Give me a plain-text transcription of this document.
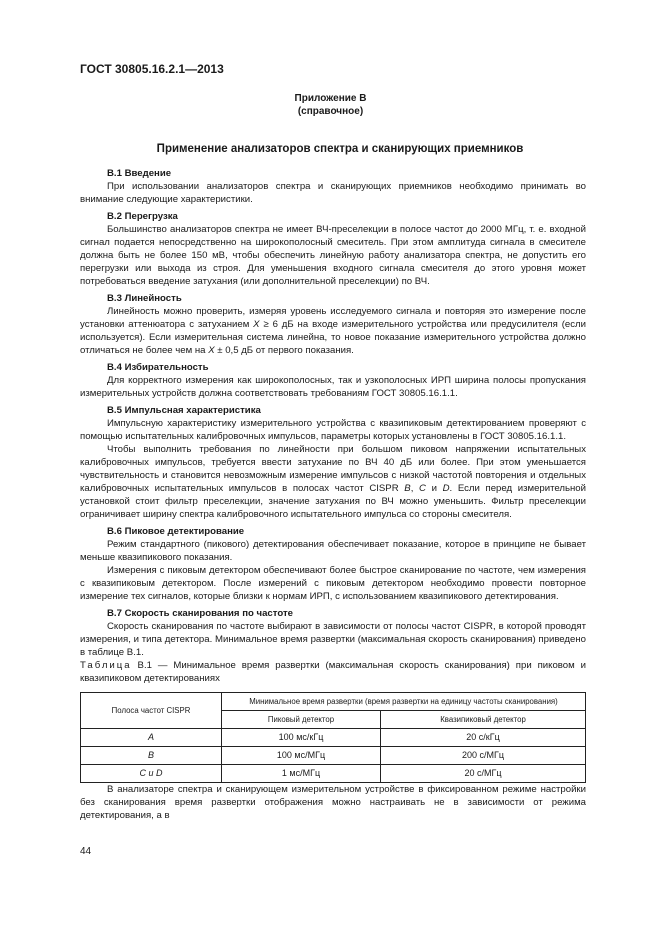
ГОСТ 30805.16.2.1—2013
Приложение В
(справочное)
Применение анализаторов спектра и сканирующих приемников
В.1 Введение

При использовании анализаторов спектра и сканирующих приемников необходимо принимать во внимание следующие характеристики.

В.2 Перегрузка

Большинство анализаторов спектра не имеет ВЧ-преселекции в полосе частот до 2000 МГц, т. е. входной сигнал подается непосредственно на широкополосный смеситель. При этом амплитуда сигнала в смесителе должна быть не более 150 мВ, чтобы обеспечить линейную работу анализатора спектра, не допустить его перегрузки или выхода из строя. Для уменьшения входного сигнала смесителя до этого уровня может потребоваться введение затухания (или дополнительной преселекции) по ВЧ.

В.3 Линейность

Линейность можно проверить, измеряя уровень исследуемого сигнала и повторяя это измерение после установки аттенюатора с затуханием X ≥ 6 дБ на входе измерительного устройства или предусилителя (если используется). Если измерительная система линейна, то новое показание измерительного устройства должно отличаться не более чем на X ± 0,5 дБ от первого показания.

В.4 Избирательность

Для корректного измерения как широкополосных, так и узкополосных ИРП ширина полосы пропускания измерительных устройств должна соответствовать требованиям ГОСТ 30805.16.1.1.

В.5 Импульсная характеристика

Импульсную характеристику измерительного устройства с квазипиковым детектированием проверяют с помощью испытательных калибровочных импульсов, параметры которых установлены в ГОСТ 30805.16.1.1.

Чтобы выполнить требования по линейности при большом пиковом напряжении испытательных калибровочных импульсов, требуется ввести затухание по ВЧ 40 дБ или более. При этом уменьшается чувствительность и становится невозможным измерение импульсов с низкой частотой повторения и отдельных калибровочных испытательных импульсов в полосах частот CISPR B, C и D. Если перед измерительной установкой стоит фильтр преселекции, значение затухания по ВЧ можно уменьшить. Фильтр преселекции ограничивает ширину спектра калибровочного испытательного импульса со стороны смесителя.

В.6 Пиковое детектирование

Режим стандартного (пикового) детектирования обеспечивает показание, которое в принципе не бывает меньше квазипикового показания.

Измерения с пиковым детектором обеспечивают более быстрое сканирование по частоте, чем измерения с квазипиковым детектором. После измерений с пиковым детектором необходимо провести повторное измерение тех сигналов, которые близки к нормам ИРП, с использованием квазипикового детектирования.

В.7 Скорость сканирования по частоте

Скорость сканирования по частоте выбирают в зависимости от полосы частот CISPR, в которой проводят измерения, и типа детектора. Минимальное время развертки (максимальная скорость сканирования) приведено в таблице В.1.

Таблица В.1 — Минимальное время развертки (максимальная скорость сканирования) при пиковом и квазипиковом детектированиях

Полоса частот CISPR	Минимальное время развертки (время развертки на единицу частоты сканирования)	
	Пиковый детектор	Квазипиковый детектор
A	100 мс/кГц	20 с/кГц
B	100 мс/МГц	200 с/МГц
C и D	1 мс/МГц	20 с/МГц

В анализаторе спектра и сканирующем измерительном устройстве в фиксированном режиме настройки без сканирования время развертки отображения можно настраивать не в зависимости от режима детектирования, а в

44
